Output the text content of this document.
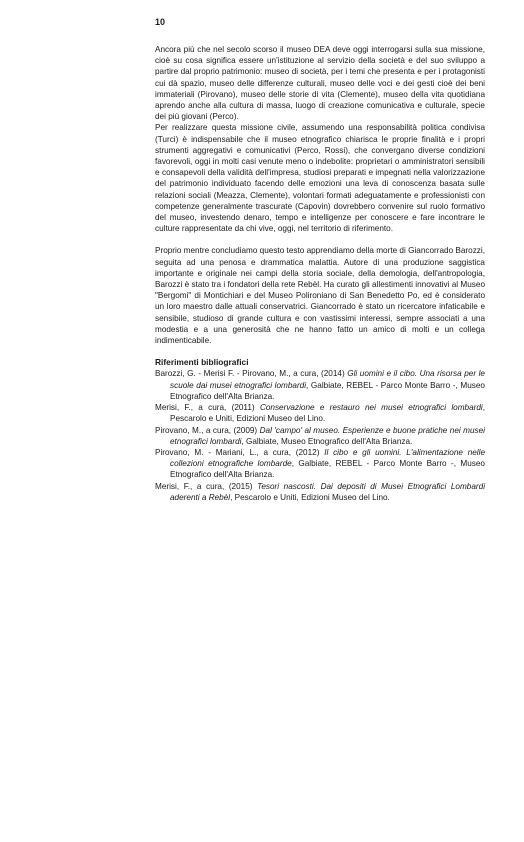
10

Ancora più che nel secolo scorso il museo DEA deve oggi interrogarsi sulla sua missione, cioè su cosa significa essere un'istituzione al servizio della società e del suo sviluppo a partire dal proprio patrimonio: museo di società, per i temi che presenta e per i protagonisti cui dà spazio, museo delle differenze culturali, museo delle voci e dei gesti cioè dei beni immateriali (Pirovano), museo delle storie di vita (Clemente), museo della vita quotidiana aprendo anche alla cultura di massa, luogo di creazione comunicativa e culturale, specie dei più giovani (Perco).

Per realizzare questa missione civile, assumendo una responsabilità politica condivisa (Turci) è indispensabile che il museo etnografico chiarisca le proprie finalità e i propri strumenti aggregativi e comunicativi (Perco, Rossi), che convergano diverse condizioni favorevoli, oggi in molti casi venute meno o indebolite: proprietari o amministratori sensibili e consapevoli della validità dell'impresa, studiosi preparati e impegnati nella valorizzazione del patrimonio individuato facendo delle emozioni una leva di conoscenza basata sulle relazioni sociali (Meazza, Clemente), volontari formati adeguatamente e professionisti con competenze generalmente trascurate (Capovin) dovrebbero convenire sul ruolo formativo del museo, investendo denaro, tempo e intelligenze per conoscere e fare incontrare le culture rappresentate da chi vive, oggi, nel territorio di riferimento.

Proprio mentre concludiamo questo testo apprendiamo della morte di Giancorrado Barozzi, seguita ad una penosa e drammatica malattia. Autore di una produzione saggistica importante e originale nei campi della storia sociale, della demologia, dell'antropologia, Barozzi è stato tra i fondatori della rete Rebèl. Ha curato gli allestimenti innovativi al Museo "Bergomi" di Montichiari e del Museo Polironiano di San Benedetto Po, ed è considerato un loro maestro dalle attuali conservatrici. Giancorrado è stato un ricercatore infaticabile e sensibile, studioso di grande cultura e con vastissimi interessi, sempre associati a una modestia e a una generosità che ne hanno fatto un amico di molti e un collega indimenticabile.

Riferimenti bibliografici

Barozzi, G. - Merisi F. - Pirovano, M., a cura, (2014) Gli uomini e il cibo. Una risorsa per le scuole dai musei etnografici lombardi, Galbiate, REBEL - Parco Monte Barro -, Museo Etnografico dell'Alta Brianza.

Merisi, F., a cura, (2011) Conservazione e restauro nei musei etnografici lombardi, Pescarolo e Uniti, Edizioni Museo del Lino.

Pirovano, M., a cura, (2009) Dal 'campo' al museo. Esperienze e buone pratiche nei musei etnografici lombardi, Galbiate, Museo Etnografico dell'Alta Brianza.

Pirovano, M. - Mariani, L., a cura, (2012) Il cibo e gli uomini. L'alimentazione nelle collezioni etnografiche lombarde, Galbiate, REBEL - Parco Monte Barro -, Museo Etnografico dell'Alta Brianza.

Merisi, F., a cura, (2015) Tesori nascosti. Dai depositi di Musei Etnografici Lombardi aderenti a Rebèl, Pescarolo e Uniti, Edizioni Museo del Lino.
